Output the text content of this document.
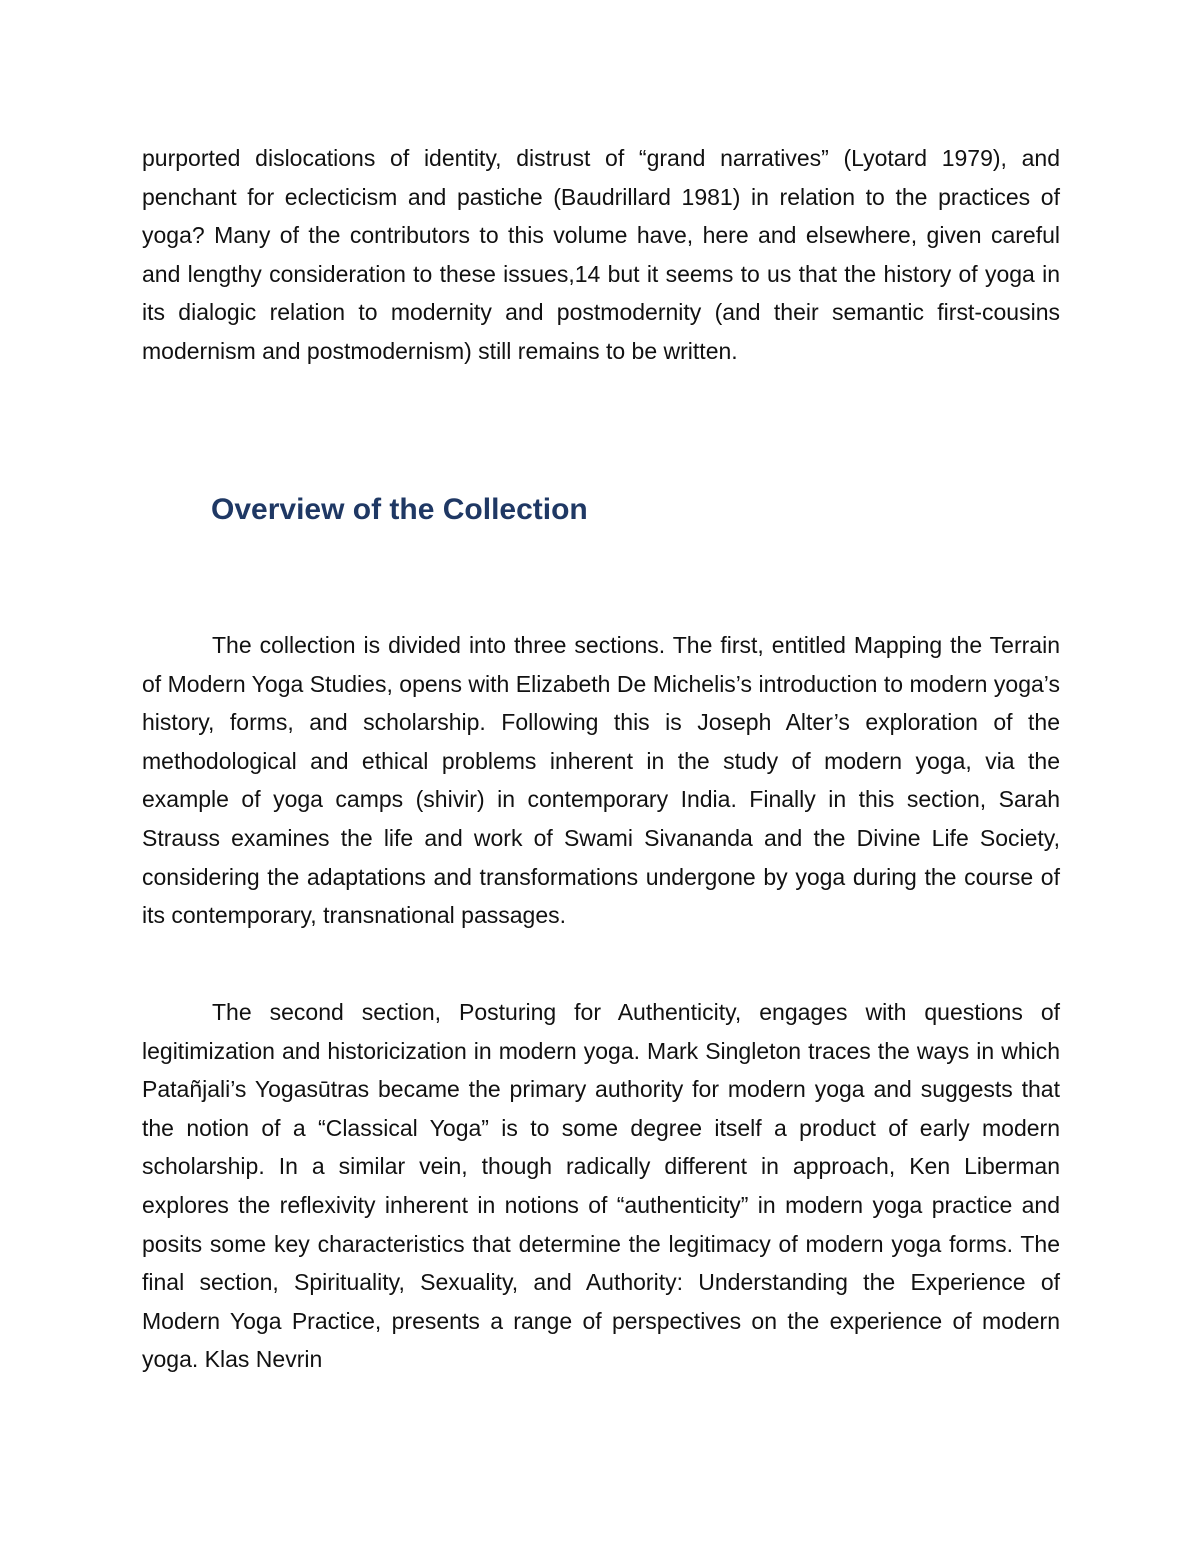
purported dislocations of identity, distrust of “grand narratives” (Lyotard 1979), and penchant for eclecticism and pastiche (Baudrillard 1981) in relation to the practices of yoga? Many of the contributors to this volume have, here and elsewhere, given careful and lengthy consideration to these issues,14 but it seems to us that the history of yoga in its dialogic relation to modernity and postmodernity (and their semantic first-cousins modernism and postmodernism) still remains to be written.

Overview of the Collection

The collection is divided into three sections. The first, entitled Mapping the Terrain of Modern Yoga Studies, opens with Elizabeth De Michelis’s introduction to modern yoga’s history, forms, and scholarship. Following this is Joseph Alter’s exploration of the methodological and ethical problems inherent in the study of modern yoga, via the example of yoga camps (shivir) in contemporary India. Finally in this section, Sarah Strauss examines the life and work of Swami Sivananda and the Divine Life Society, considering the adaptations and transformations undergone by yoga during the course of its contemporary, transnational passages.

The second section, Posturing for Authenticity, engages with questions of legitimization and historicization in modern yoga. Mark Singleton traces the ways in which Patañjali’s Yogasūtras became the primary authority for modern yoga and suggests that the notion of a “Classical Yoga” is to some degree itself a product of early modern scholarship. In a similar vein, though radically different in approach, Ken Liberman explores the reflexivity inherent in notions of “authenticity” in modern yoga practice and posits some key characteristics that determine the legitimacy of modern yoga forms. The final section, Spirituality, Sexuality, and Authority: Understanding the Experience of Modern Yoga Practice, presents a range of perspectives on the experience of modern yoga. Klas Nevrin
